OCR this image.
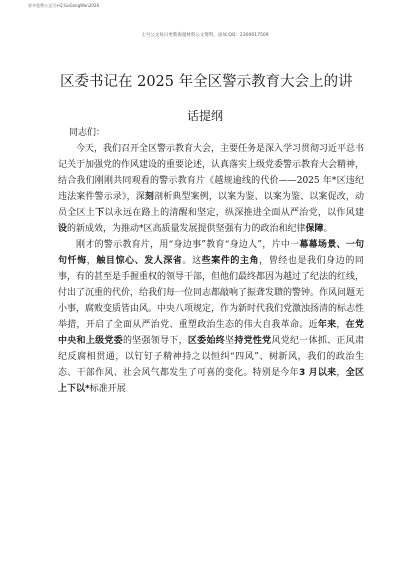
更多免费公文可+Q:GuGongWen2026
七号公文每日更新海量材料公文资料，添加 QQ：2300017509
区委书记在 2025 年全区警示教育大会上的讲
话提纲

同志们：

今天，我们召开全区警示教育大会，主要任务是深入学习贯彻习近平总书记关于加强党的作风建设的重要论述，认真落实上级党委警示教育大会精神，结合我们刚刚共同观看的警示教育片《越规逾线的代价——2025 年*区违纪违法案件警示录》，深刻剖析典型案例，以案为鉴、以案为鉴、以案促改，动员全区上下以永远在路上的清醒和坚定，纵深推进全面从严治党，以作风建设的新成效，为推动*区高质量发展提供坚强有力的政治和纪律保障。

刚才的警示教育片，用“身边事”教育“身边人”，片中一幕幕场景、一句句忏悔，触目惊心、发人深省。这些案件的主角，曾经也是我们身边的同事，有的甚至是手握重权的领导干部，但他们最终都因为越过了纪法的红线，付出了沉重的代价，给我们每一位同志都敲响了振聋发聩的警钟。作风问题无小事，腐败变质皆由风。中央八项规定，作为新时代我们党激浊扬清的标志性举措，开启了全面从严治党、重塑政治生态的伟大自我革命。近年来，在党中央和上级党委的坚强领导下，区委始终坚持党性党风党纪一体抓、正风肃纪反腐相贯通，以钉钉子精神持之以恒纠“四风”、树新风，我们的政治生态、干部作风、社会风气都发生了可喜的变化。特别是今年3 月以来，全区上下以*标准开展
